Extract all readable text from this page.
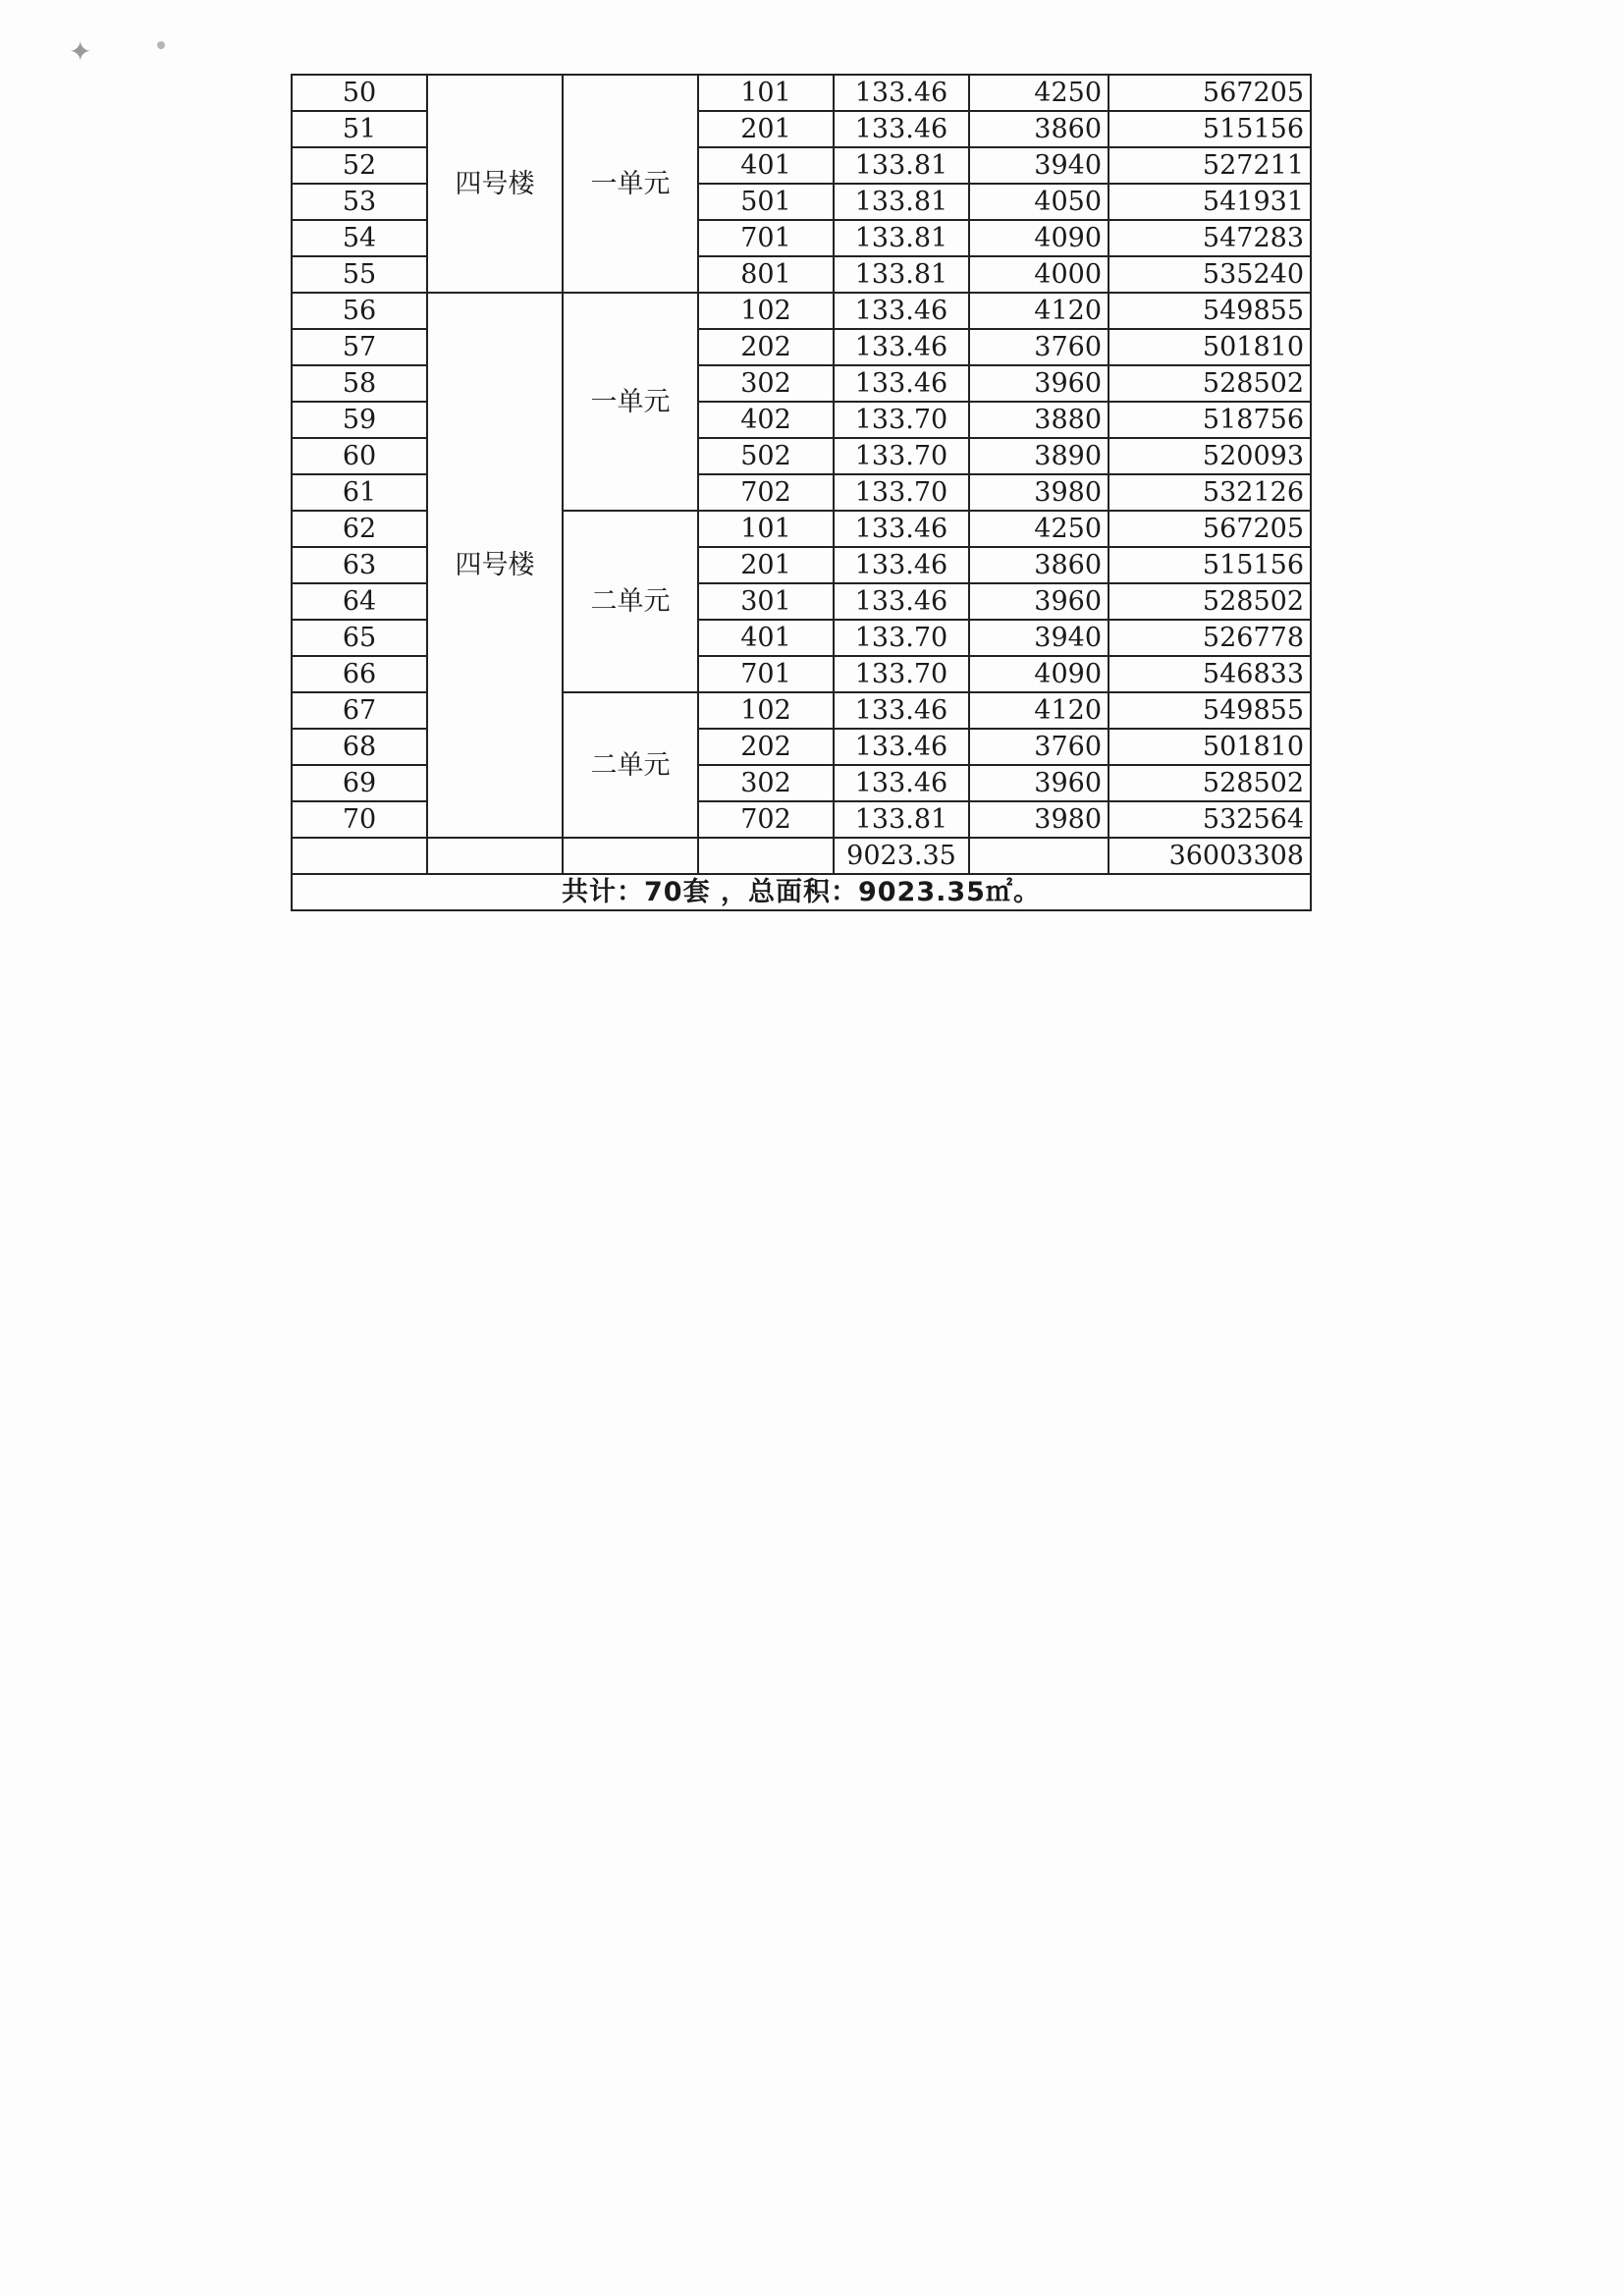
✦
50	四号楼	一单元	101	133.46	4250	567205
51			201	133.46	3860	515156
52			401	133.81	3940	527211
53			501	133.81	4050	541931
54			701	133.81	4090	547283
55			801	133.81	4000	535240
56	四号楼	一单元	102	133.46	4120	549855
57			202	133.46	3760	501810
58			302	133.46	3960	528502
59			402	133.70	3880	518756
60			502	133.70	3890	520093
61			702	133.70	3980	532126
62		二单元	101	133.46	4250	567205
63			201	133.46	3860	515156
64			301	133.46	3960	528502
65			401	133.70	3940	526778
66			701	133.70	4090	546833
67		二单元	102	133.46	4120	549855
68			202	133.46	3760	501810
69			302	133.46	3960	528502
70			702	133.81	3980	532564
				9023.35		36003308
共计：70套 ，总面积：9023.35㎡。						
